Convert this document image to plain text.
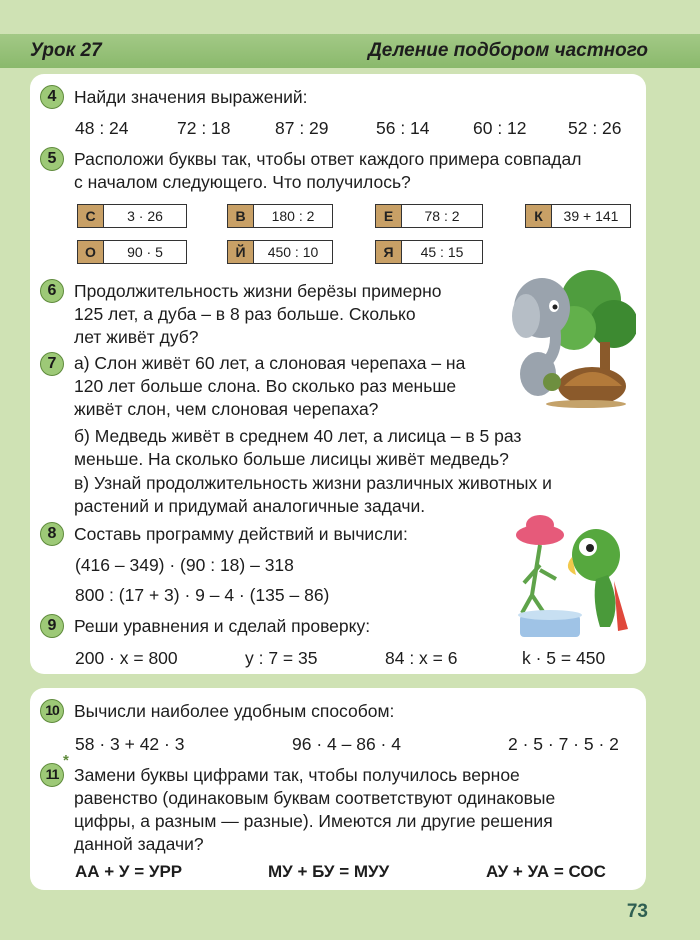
Урок 27	Деление подбором частного
4	Найди значения выражений:
48 : 24	72 : 18	87 : 29	56 : 14 60 : 12 52 : 26
5	Расположи буквы так, чтобы ответ каждого примера совпадал
с началом следующего. Что получилось?
С	3 · 26	В	180 : 2	Е	78 : 2	К	39 + 141
О	90 · 5	Й	450 : 10	Я	45 : 15
6	Продолжительность жизни берёзы примерно
125 лет, а дуба – в 8 раз больше. Сколько
лет живёт дуб?
7	а) Слон живёт 60 лет, а слоновая черепаха – на
120 лет больше слона. Во сколько раз меньше
живёт слон, чем слоновая черепаха?
б) Медведь живёт в среднем 40 лет, а лисица – в 5 раз
меньше. На сколько больше лисицы живёт медведь?
в) Узнай продолжительность жизни различных животных и
растений и придумай аналогичные задачи.
8	Составь программу действий и вычисли:
(416 – 349) · (90 : 18) – 318
800 : (17 + 3) · 9 – 4 · (135 – 86)
9	Реши уравнения и сделай проверку:
200 · x = 800	y : 7 = 35	84 : x = 6	k · 5 = 450
10 Вычисли наиболее удобным способом:
58 · 3 + 42 · 3	96 · 4 – 86 · 4	2 · 5 · 7 · 5 · 2
11
*
Замени буквы цифрами так, чтобы получилось верное
равенство (одинаковым буквам соответствуют одинаковые
цифры, а разным — разные). Имеются ли другие решения
данной задачи?
АА + У = УРР	МУ + БУ = МУУ	АУ + УА = СОС
73
